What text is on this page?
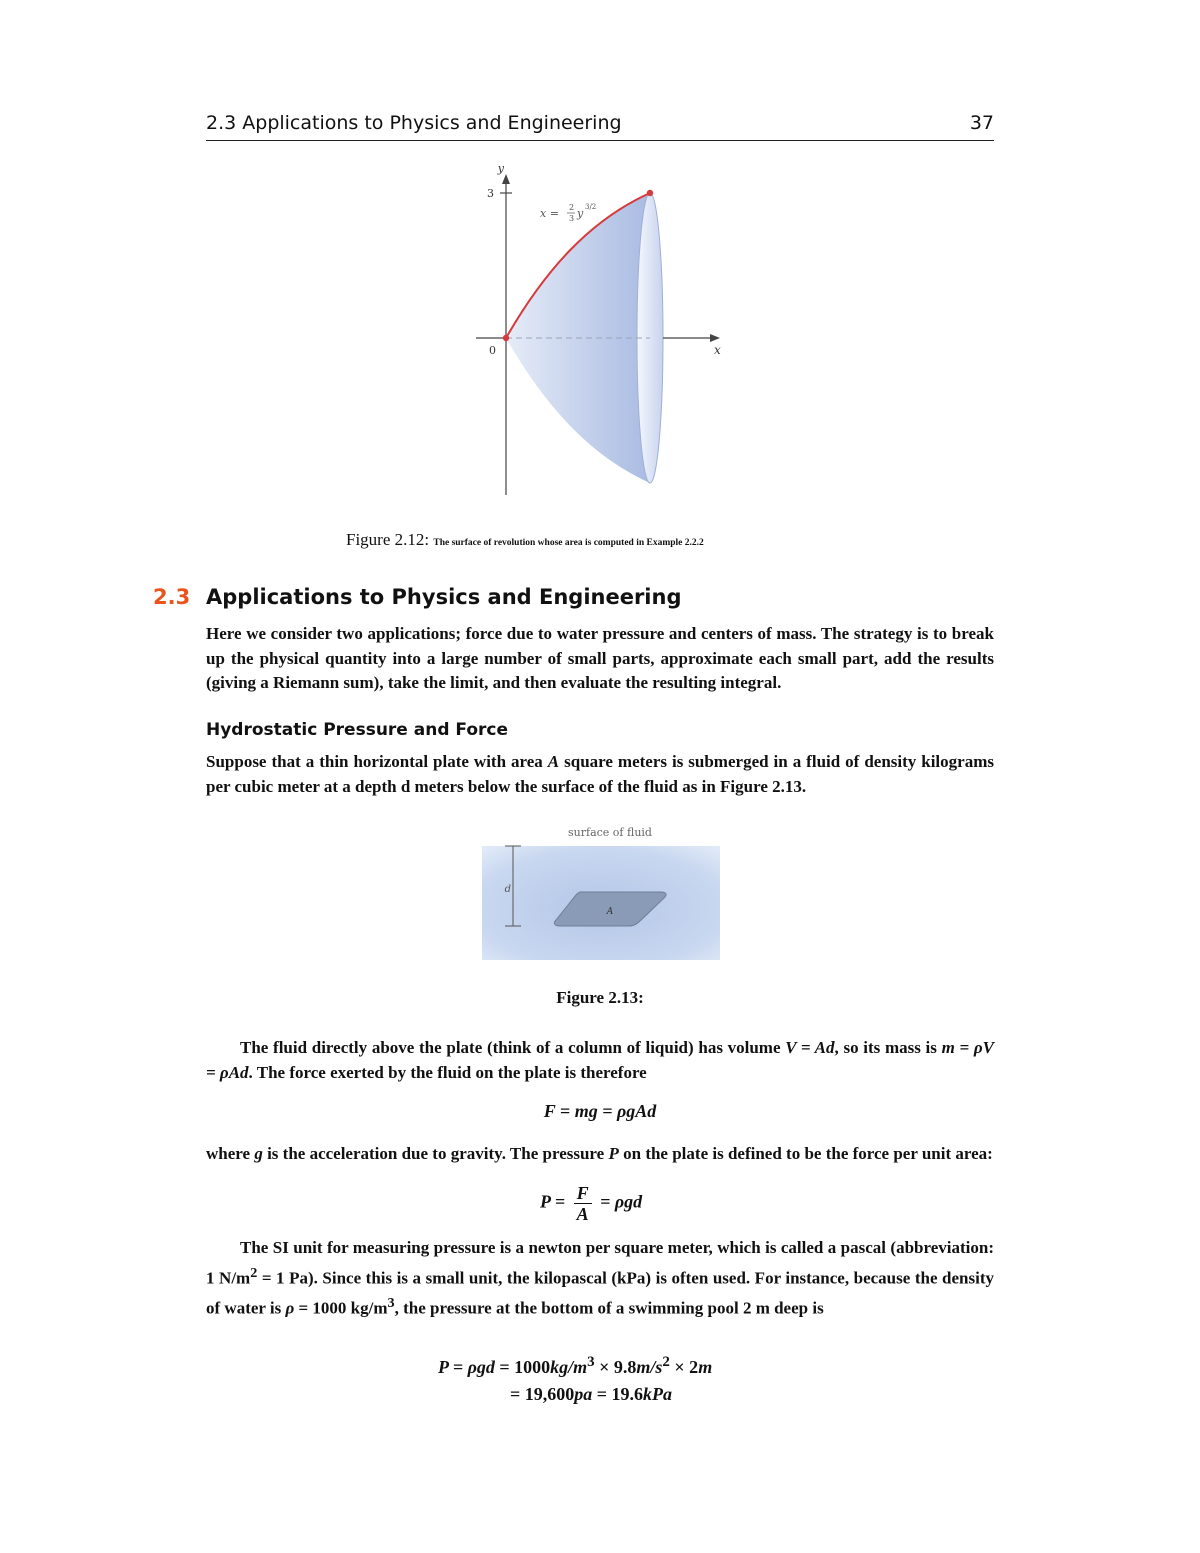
2.3 Applications to Physics and Engineering	37
y
x
3
0
x = 2
3 y 3/2
Figure 2.12: The surface of revolution whose area is computed in Example 2.2.2
2.3 Applications to Physics and Engineering
Here we consider two applications; force due to water pressure and centers of mass. The strategy is to break up the physical quantity into a large number of small parts, approximate each small part, add the results (giving a Riemann sum), take the limit, and then evaluate the resulting integral.
Hydrostatic Pressure and Force
Suppose that a thin horizontal plate with area A square meters is submerged in a fluid of density kilograms per cubic meter at a depth d meters below the surface of the fluid as in Figure 2.13.
surface of fluid
d
A
Figure 2.13:
The fluid directly above the plate (think of a column of liquid) has volume V = Ad, so its mass is m = ρV = ρAd. The force exerted by the fluid on the plate is therefore
F = mg = ρgAd
where g is the acceleration due to gravity. The pressure P on the plate is defined to be the force per unit area:
$P = \frac{F}{A} = \rho gd$
The SI unit for measuring pressure is a newton per square meter, which is called a pascal (abbreviation: 1 $N/m^2 = 1$ Pa). Since this is a small unit, the kilopascal (kPa) is often used. For instance, because the density of water is ρ = 1000 $kg/m^3$, the pressure at the bottom of a swimming pool 2 m deep is
$P = \rho gd = 1000kg/m^3 \times 9.8m/s^2 \times 2m$
= 19,600pa = 19.6kPa
